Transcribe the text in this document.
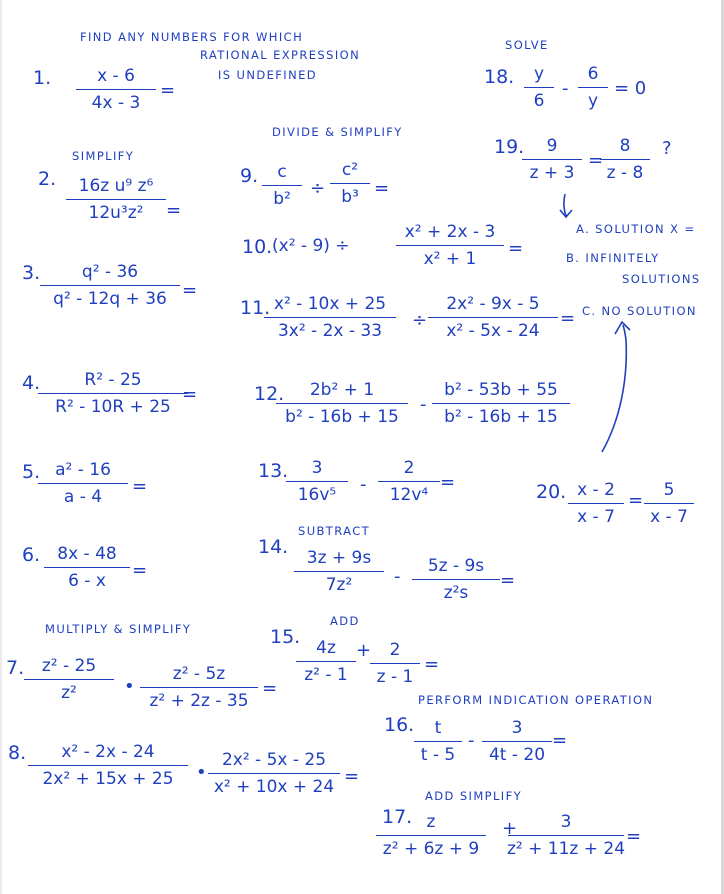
FIND ANY NUMBERS FOR WHICH
RATIONAL EXPRESSION
IS UNDEFINED
SOLVE
SIMPLIFY
DIVIDE & SIMPLIFY
MULTIPLY & SIMPLIFY
SUBTRACT
ADD
PERFORM INDICATION OPERATION
ADD SIMPLIFY
1.	x - 6
4x - 3
=
2. 16z u⁹ z⁶
12u³z² =
3. q² - 36
q² - 12q + 36 =
4.	R² - 25
R² - 10R + 25
=
5. a² - 16
a - 4 =
6. 8x - 48
6 - x =
7. z² - 25
z²	•
z² - 5z
z² + 2z - 35
=
8. x² - 2x - 24
2x² + 15x + 25 •
2x² - 5x - 25
x² + 10x + 24 =
9. c
b² ÷
c²
b³ =
10. (x² - 9) ÷
x² + 2x - 3
x² + 1 =
11. x² - 10x + 25
3x² - 2x - 33 ÷
2x² - 9x - 5
x² - 5x - 24
=
12. 2b² + 1
b² - 16b + 15
-
b² - 53b + 55
b² - 16b + 15
13. 3
16v⁵ -
2
12v⁴
=
14. 3z + 9s
7z² - 5z - 9s
z²s
=
15. 4z
z² - 1
+ 2
z - 1
=
16. t
t - 5
-
3
4t - 20
=
17. z
z² + 6z + 9
+	3
z² + 11z + 24
=
18. y
6
-
6
y
= 0
19. 9
z + 3
=
8
z - 8
?
A. SOLUTION X =
B. INFINITELY
SOLUTIONS
C. NO SOLUTION
20. x - 2
x - 7
= 5
x - 7
